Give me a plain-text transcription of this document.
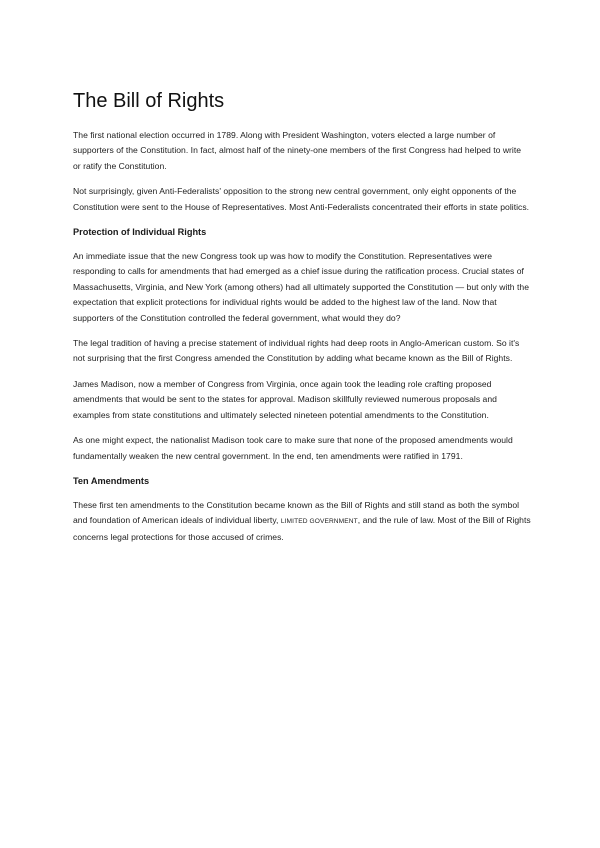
The Bill of Rights

The first national election occurred in 1789. Along with President Washington, voters elected a large number of supporters of the Constitution. In fact, almost half of the ninety-one members of the first Congress had helped to write or ratify the Constitution.

Not surprisingly, given Anti-Federalists' opposition to the strong new central government, only eight opponents of the Constitution were sent to the House of Representatives. Most Anti-Federalists concentrated their efforts in state politics.

Protection of Individual Rights

An immediate issue that the new Congress took up was how to modify the Constitution. Representatives were responding to calls for amendments that had emerged as a chief issue during the ratification process. Crucial states of Massachusetts, Virginia, and New York (among others) had all ultimately supported the Constitution — but only with the expectation that explicit protections for individual rights would be added to the highest law of the land. Now that supporters of the Constitution controlled the federal government, what would they do?

The legal tradition of having a precise statement of individual rights had deep roots in Anglo-American custom. So it's not surprising that the first Congress amended the Constitution by adding what became known as the Bill of Rights.

James Madison, now a member of Congress from Virginia, once again took the leading role crafting proposed amendments that would be sent to the states for approval. Madison skillfully reviewed numerous proposals and examples from state constitutions and ultimately selected nineteen potential amendments to the Constitution.

As one might expect, the nationalist Madison took care to make sure that none of the proposed amendments would fundamentally weaken the new central government. In the end, ten amendments were ratified in 1791.

Ten Amendments

These first ten amendments to the Constitution became known as the Bill of Rights and still stand as both the symbol and foundation of American ideals of individual liberty, LIMITED GOVERNMENT, and the rule of law. Most of the Bill of Rights concerns legal protections for those accused of crimes.
